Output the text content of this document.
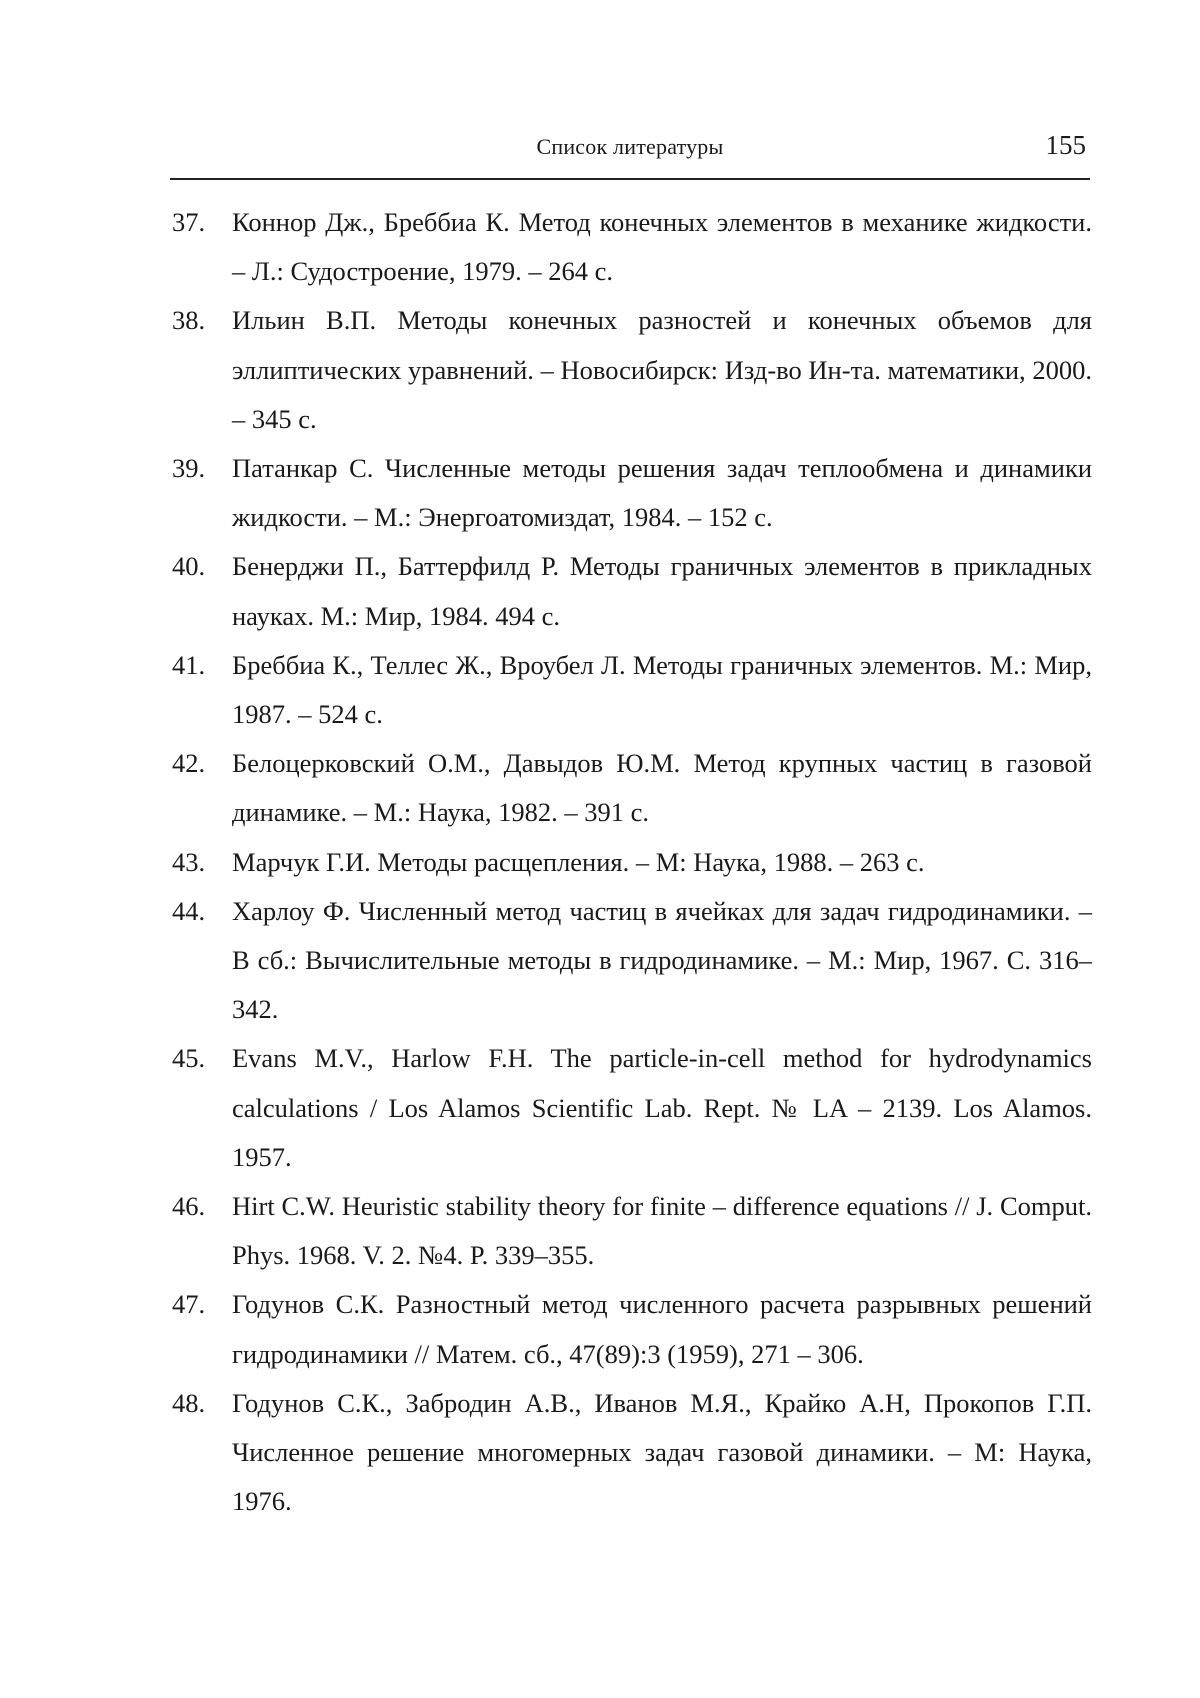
Список литературы	155
37. Коннор Дж., Бреббиа К. Метод конечных элементов в механике жидкости. – Л.: Судостроение, 1979. – 264 с.
38. Ильин В.П. Методы конечных разностей и конечных объемов для эллиптических уравнений. – Новосибирск: Изд-во Ин-та. математики, 2000. – 345 с.
39. Патанкар С. Численные методы решения задач теплообмена и динамики жидкости. – М.: Энергоатомиздат, 1984. – 152 с.
40. Бенерджи П., Баттерфилд Р. Методы граничных элементов в прикладных науках. М.: Мир, 1984. 494 с.
41. Бреббиа К., Теллес Ж., Вроубел Л. Методы граничных элементов. М.: Мир, 1987. – 524 с.
42. Белоцерковский О.М., Давыдов Ю.М. Метод крупных частиц в газовой динамике. – М.: Наука, 1982. – 391 с.
43. Марчук Г.И. Методы расщепления. – М: Наука, 1988. – 263 с.
44. Харлоу Ф. Численный метод частиц в ячейках для задач гидродинамики. – В сб.: Вычислительные методы в гидродинамике. – М.: Мир, 1967. С. 316–342.
45. Evans M.V., Harlow F.H. The particle-in-cell method for hydrodynamics calculations / Los Alamos Scientific Lab. Rept. № LA – 2139. Los Alamos. 1957.
46. Hirt C.W. Heuristic stability theory for finite – difference equations // J. Comput. Phys. 1968. V. 2. №4. P. 339–355.
47. Годунов С.К. Разностный метод численного расчета разрывных решений гидродинамики // Матем. сб., 47(89):3 (1959), 271 – 306.
48. Годунов С.К., Забродин А.В., Иванов М.Я., Крайко А.Н, Прокопов Г.П. Численное решение многомерных задач газовой динамики. – М: Наука, 1976.
